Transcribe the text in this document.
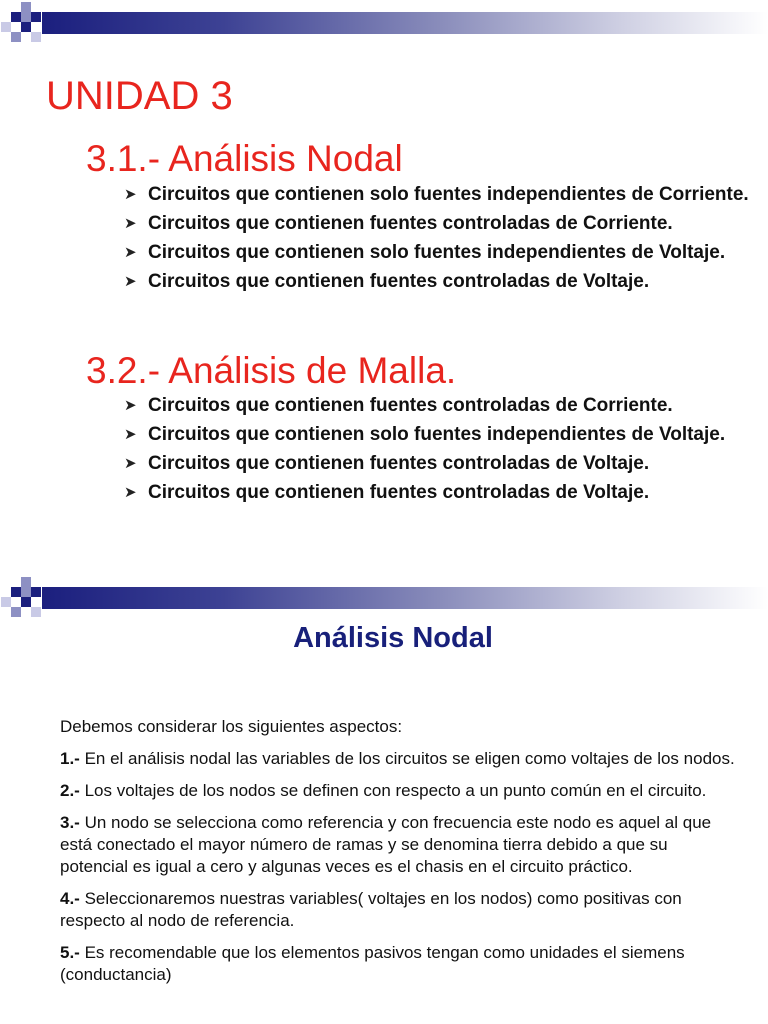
UNIDAD 3
3.1.- Análisis Nodal
➤ Circuitos que contienen solo fuentes independientes de Corriente.
➤ Circuitos que contienen fuentes controladas de Corriente.
➤ Circuitos que contienen solo fuentes independientes de Voltaje.
➤ Circuitos que contienen fuentes controladas de Voltaje.
3.2.- Análisis de Malla.
➤ Circuitos que contienen fuentes controladas de Corriente.
➤ Circuitos que contienen solo fuentes independientes de Voltaje.
➤ Circuitos que contienen fuentes controladas de Voltaje.
➤ Circuitos que contienen fuentes controladas de Voltaje.
Análisis Nodal

Debemos considerar los siguientes aspectos:

1.- En el análisis nodal las variables de los circuitos se eligen como voltajes de los nodos.

2.- Los voltajes de los nodos se definen con respecto a un punto común en el circuito.

3.- Un nodo se selecciona como referencia y con frecuencia este nodo es aquel al que está conectado el mayor número de ramas y se denomina tierra debido a que su potencial es igual a cero y algunas veces es el chasis en el circuito práctico.

4.- Seleccionaremos nuestras variables( voltajes en los nodos) como positivas con respecto al nodo de referencia.

5.- Es recomendable que los elementos pasivos tengan como unidades el siemens (conductancia)
